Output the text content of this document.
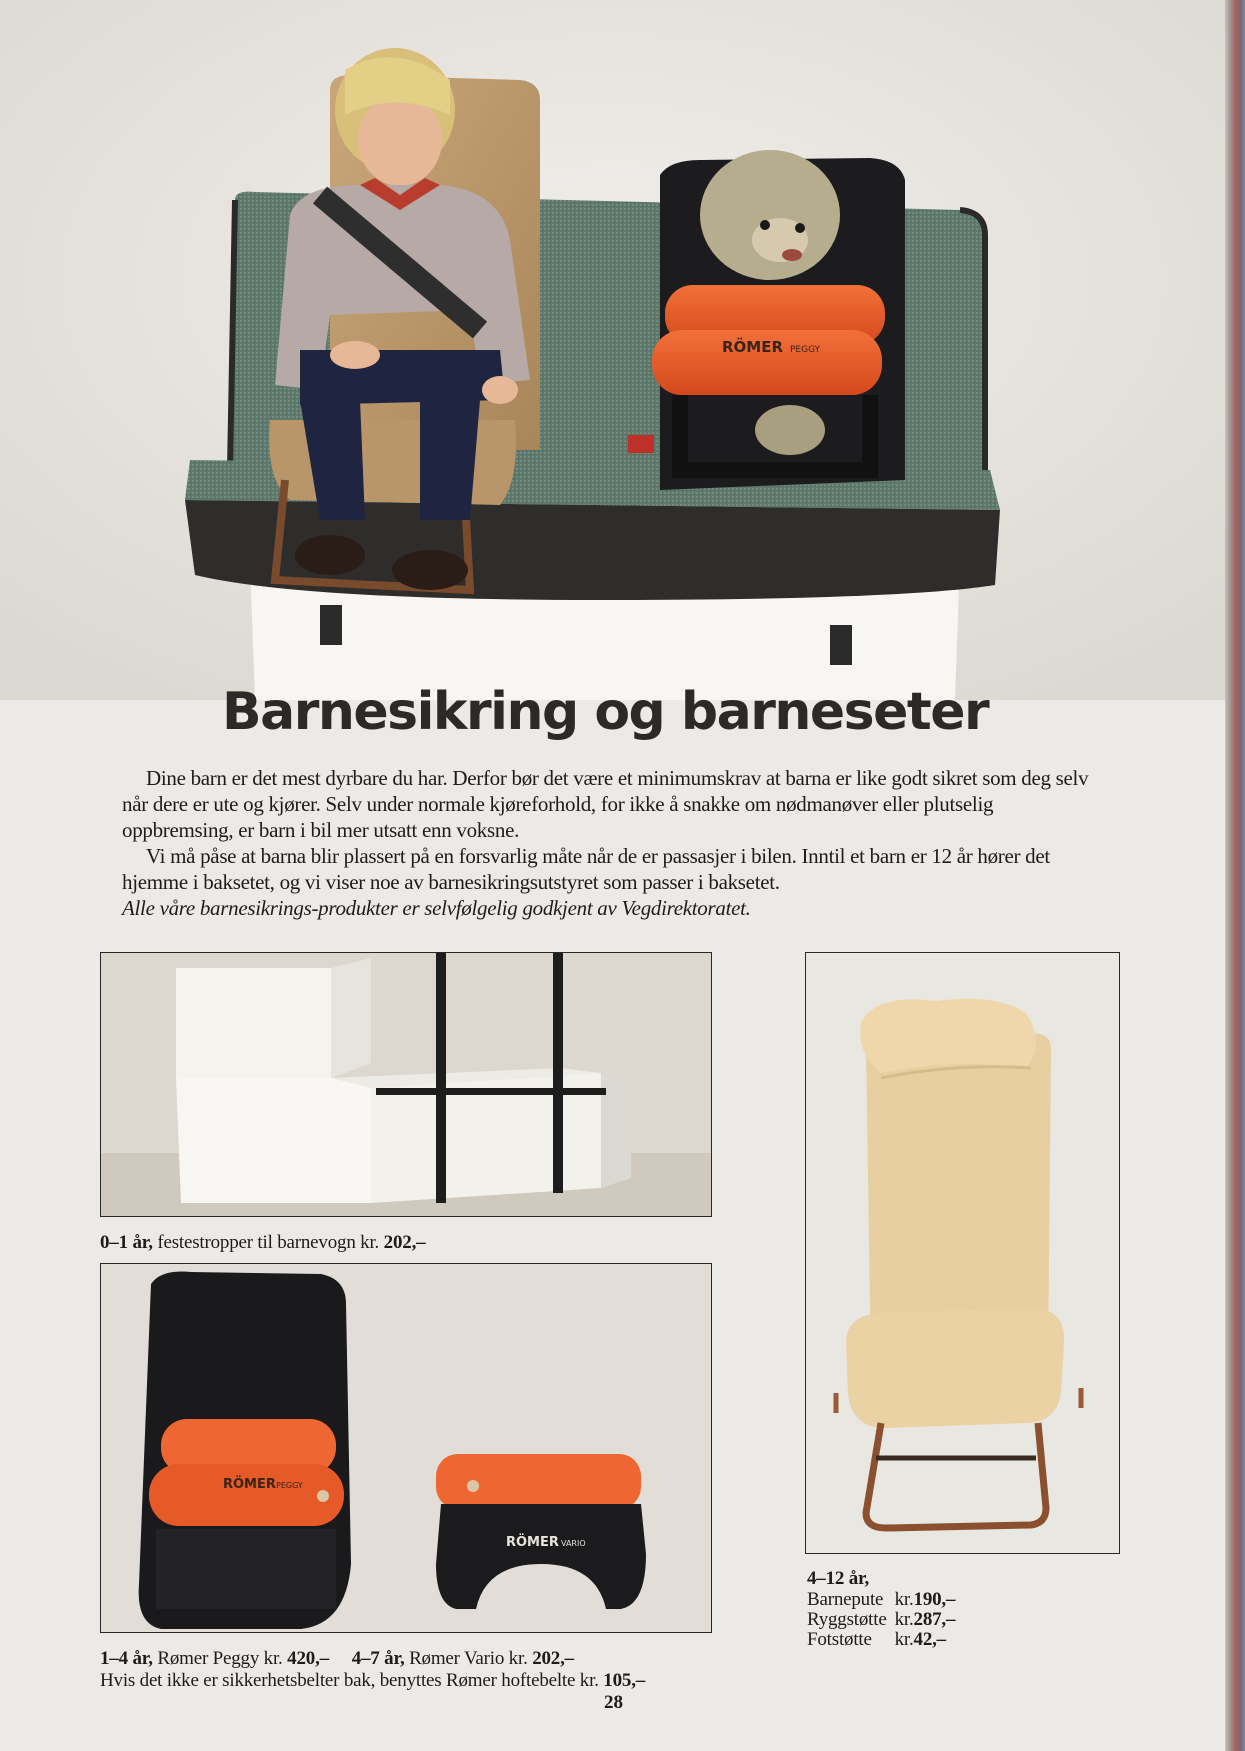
RÖMER PEGGY
Barnesikring og barneseter

Dine barn er det mest dyrbare du har. Derfor bør det være et minimumskrav at barna er like godt sikret som deg selv når dere er ute og kjører. Selv under normale kjøreforhold, for ikke å snakke om nødmanøver eller plutselig oppbremsing, er barn i bil mer utsatt enn voksne.

Vi må påse at barna blir plassert på en forsvarlig måte når de er passasjer i bilen. Inntil et barn er 12 år hører det hjemme i baksetet, og vi viser noe av barnesikringsutstyret som passer i baksetet.

Alle våre barnesikrings-produkter er selvfølgelig godkjent av Vegdirektoratet.

0–1 år, festestropper til barnevogn kr. 202,–
RÖMER PEGGY
RÖMER VARIO
1–4 år, Rømer Peggy kr. 420,– 4–7 år, Rømer Vario kr. 202,–
Hvis det ikke er sikkerhetsbelter bak, benyttes Rømer hoftebelte kr. 105,–
4–12 år,
Barnepute	kr.	190,–
Ryggstøtte	kr.	287,–
Fotstøtte	kr.	42,–
28
